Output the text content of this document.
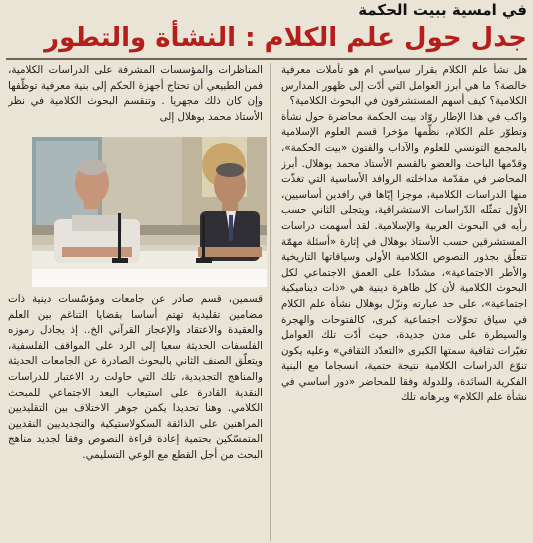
في امسية ببيت الحكمة
جدل حول علم الكلام : النشأة والتطور

هل نشأ علم الكلام بقرار سياسي ام هو تأملات معرفية خالصة؟ ما هي أبرز العوامل التي أدّت إلى ظهور المدارس الكلامية؟ كيف أسهم المستشرقون في البحوث الكلامية؟

واكب في هذا الإطار روّاد بيت الحكمة محاضرة حول نشأة وتطوّر علم الكلام، نظّمها مؤخرا قسم العلوم الإسلامية بالمجمع التونسي للعلوم والآداب والفنون «بيت الحكمة»، وقدّمها الباحث والعضو بالقسم الأستاذ محمد بوهلال. أبرز المحاضر في مقدّمة مداخلته الروافد الأساسية التي تغذّت منها الدراسات الكلامية، موجزا إيّاها في رافدين أساسيين، الأوّل تمثّله الدّراسات الاستشراقية، ويتجلى الثاني حسب رأيه في البحوث العربية والإسلامية. لقد أسهمت دراسات المستشرقين حسب الأستاذ بوهلال في إثارة «أسئلة مهمّة تتعلّق بجذور النصوص الكلامية الأولى وسياقاتها التاريخية والأطر الاجتماعية»، مشدّدا على العمق الاجتماعي لكل البحوث الكلامية لأن كل ظاهرة دينية هي «ذات ديناميكية اجتماعية»، على حد عبارته ونزّل بوهلال نشأة علم الكلام في سياق تحوّلات اجتماعية كبرى، كالفتوحات والهجرة والسيطرة على مدن جديدة، حيث أدّت تلك العوامل تغيّرات ثقافية سمتها الكبرى «التعدّد الثقافي» وعليه يكون تنوّع الدراسات الكلامية نتيجة حتمية، انسجاما مع البنية الفكرية السائدة، وللدولة وفقا للمحاضر «دور أساسي في نشأة علم الكلام» وبرهانه تلك

المناظرات والمؤسسات المشرفة على الدراسات الكلامية، فمن الطبيعي أن تحتاج أجهزة الحكم إلى بنية معرفية توظّفها وإن كان ذلك مجهريا . وتنقسم البحوث الكلامية في نظر الأستاذ محمد بوهلال إلى

قسمين، قسم صادر عن جامعات ومؤسّسات دينية ذات مضامين تقليدية تهتم أساسا بقضايا التناغم بين العلم والعقيدة والاعتقاد والإعجاز القرآني الخ.. إذ يجادل رموزه الفلسفات الحديثة سعيا إلى الرد على المواقف الفلسفية، ويتعلّق الصنف الثاني بالبحوث الصادرة عن الجامعات الحديثة والمناهج التجديدية، تلك التي حاولت رد الاعتبار للدراسات النقدية القادرة على استيعاب البعد الاجتماعي للمبحث الكلامي. وهنا تحديدا يكمن جوهر الاختلاف بين التقليديين المراهنين على الذائقة السكولاستيكية والتجديديين النقديين المتمسّكين بحتمية إعادة قراءة النصوص وفقا لجديد مناهج البحث من أجل القطع مع الوعي التسليمي.
